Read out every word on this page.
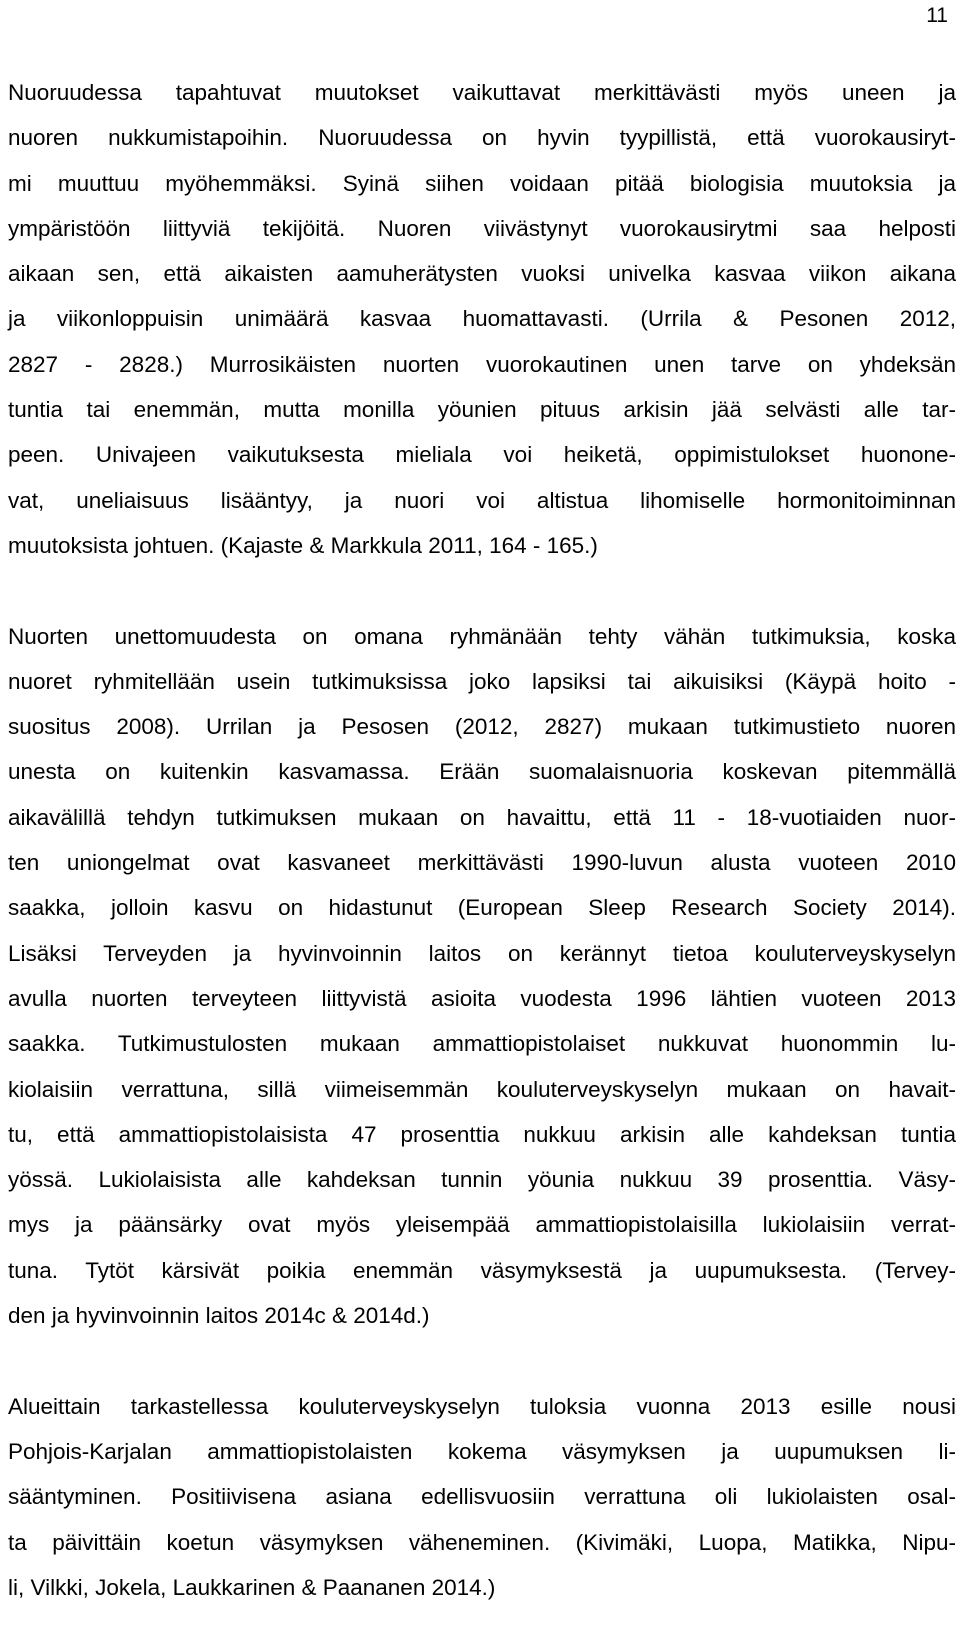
11
Nuoruudessa tapahtuvat muutokset vaikuttavat merkittävästi myös uneen ja
nuoren nukkumistapoihin. Nuoruudessa on hyvin tyypillistä, että vuorokausiryt-
mi muuttuu myöhemmäksi. Syinä siihen voidaan pitää biologisia muutoksia ja
ympäristöön liittyviä tekijöitä. Nuoren viivästynyt vuorokausirytmi saa helposti
aikaan sen, että aikaisten aamuherätysten vuoksi univelka kasvaa viikon aikana
ja viikonloppuisin unimäärä kasvaa huomattavasti. (Urrila & Pesonen 2012,
2827 - 2828.) Murrosikäisten nuorten vuorokautinen unen tarve on yhdeksän
tuntia tai enemmän, mutta monilla yöunien pituus arkisin jää selvästi alle tar-
peen. Univajeen vaikutuksesta mieliala voi heiketä, oppimistulokset huonone-
vat, uneliaisuus lisääntyy, ja nuori voi altistua lihomiselle hormonitoiminnan
muutoksista johtuen. (Kajaste & Markkula 2011, 164 - 165.)
Nuorten unettomuudesta on omana ryhmänään tehty vähän tutkimuksia, koska
nuoret ryhmitellään usein tutkimuksissa joko lapsiksi tai aikuisiksi (Käypä hoito -
suositus 2008). Urrilan ja Pesosen (2012, 2827) mukaan tutkimustieto nuoren
unesta on kuitenkin kasvamassa. Erään suomalaisnuoria koskevan pitemmällä
aikavälillä tehdyn tutkimuksen mukaan on havaittu, että 11 - 18-vuotiaiden nuor-
ten uniongelmat ovat kasvaneet merkittävästi 1990-luvun alusta vuoteen 2010
saakka, jolloin kasvu on hidastunut (European Sleep Research Society 2014).
Lisäksi Terveyden ja hyvinvoinnin laitos on kerännyt tietoa kouluterveyskyselyn
avulla nuorten terveyteen liittyvistä asioita vuodesta 1996 lähtien vuoteen 2013
saakka. Tutkimustulosten mukaan ammattiopistolaiset nukkuvat huonommin lu-
kiolaisiin verrattuna, sillä viimeisemmän kouluterveyskyselyn mukaan on havait-
tu, että ammattiopistolaisista 47 prosenttia nukkuu arkisin alle kahdeksan tuntia
yössä. Lukiolaisista alle kahdeksan tunnin yöunia nukkuu 39 prosenttia. Väsy-
mys ja päänsärky ovat myös yleisempää ammattiopistolaisilla lukiolaisiin verrat-
tuna. Tytöt kärsivät poikia enemmän väsymyksestä ja uupumuksesta. (Tervey-
den ja hyvinvoinnin laitos 2014c & 2014d.)
Alueittain tarkastellessa kouluterveyskyselyn tuloksia vuonna 2013 esille nousi
Pohjois-Karjalan ammattiopistolaisten kokema väsymyksen ja uupumuksen li-
sääntyminen. Positiivisena asiana edellisvuosiin verrattuna oli lukiolaisten osal-
ta päivittäin koetun väsymyksen väheneminen. (Kivimäki, Luopa, Matikka, Nipu-
li, Vilkki, Jokela, Laukkarinen & Paananen 2014.)
